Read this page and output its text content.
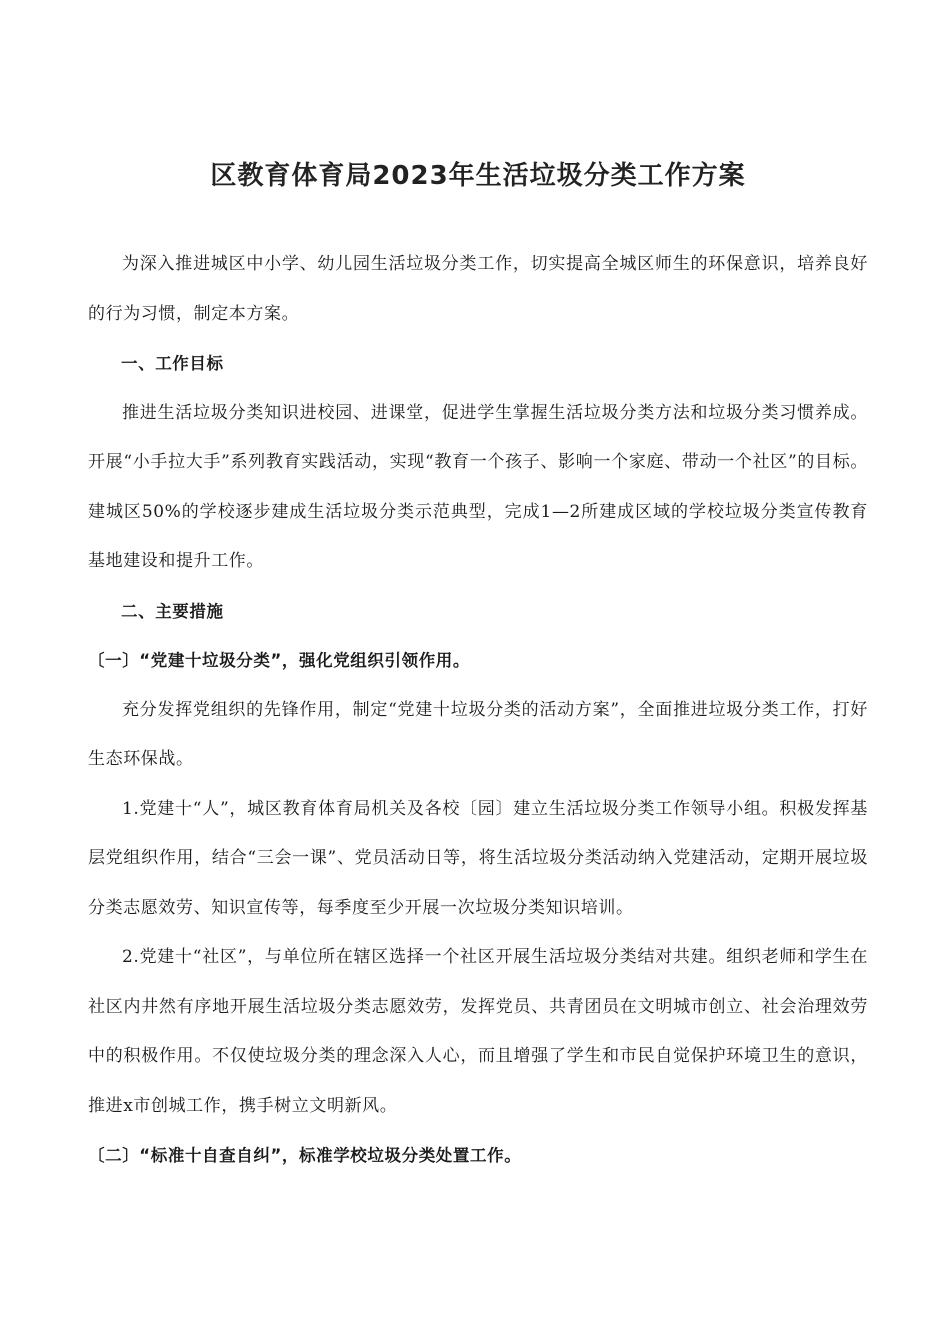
区教育体育局2023年生活垃圾分类工作方案

为深入推进城区中小学、幼儿园生活垃圾分类工作，切实提高全城区师生的环保意识，培养良好的行为习惯，制定本方案。

一、工作目标

推进生活垃圾分类知识进校园、进课堂，促进学生掌握生活垃圾分类方法和垃圾分类习惯养成。开展“小手拉大手”系列教育实践活动，实现“教育一个孩子、影响一个家庭、带动一个社区”的目标。建城区50%的学校逐步建成生活垃圾分类示范典型，完成1—2所建成区域的学校垃圾分类宣传教育基地建设和提升工作。

二、主要措施

〔一〕“党建十垃圾分类”，强化党组织引领作用。

充分发挥党组织的先锋作用，制定“党建十垃圾分类的活动方案”，全面推进垃圾分类工作，打好生态环保战。

1.党建十“人”，城区教育体育局机关及各校〔园〕建立生活垃圾分类工作领导小组。积极发挥基层党组织作用，结合“三会一课”、党员活动日等，将生活垃圾分类活动纳入党建活动，定期开展垃圾分类志愿效劳、知识宣传等，每季度至少开展一次垃圾分类知识培训。

2.党建十“社区”，与单位所在辖区选择一个社区开展生活垃圾分类结对共建。组织老师和学生在社区内井然有序地开展生活垃圾分类志愿效劳，发挥党员、共青团员在文明城市创立、社会治理效劳中的积极作用。不仅使垃圾分类的理念深入人心，而且增强了学生和市民自觉保护环境卫生的意识，推进x市创城工作，携手树立文明新风。

〔二〕“标准十自查自纠”，标准学校垃圾分类处置工作。
